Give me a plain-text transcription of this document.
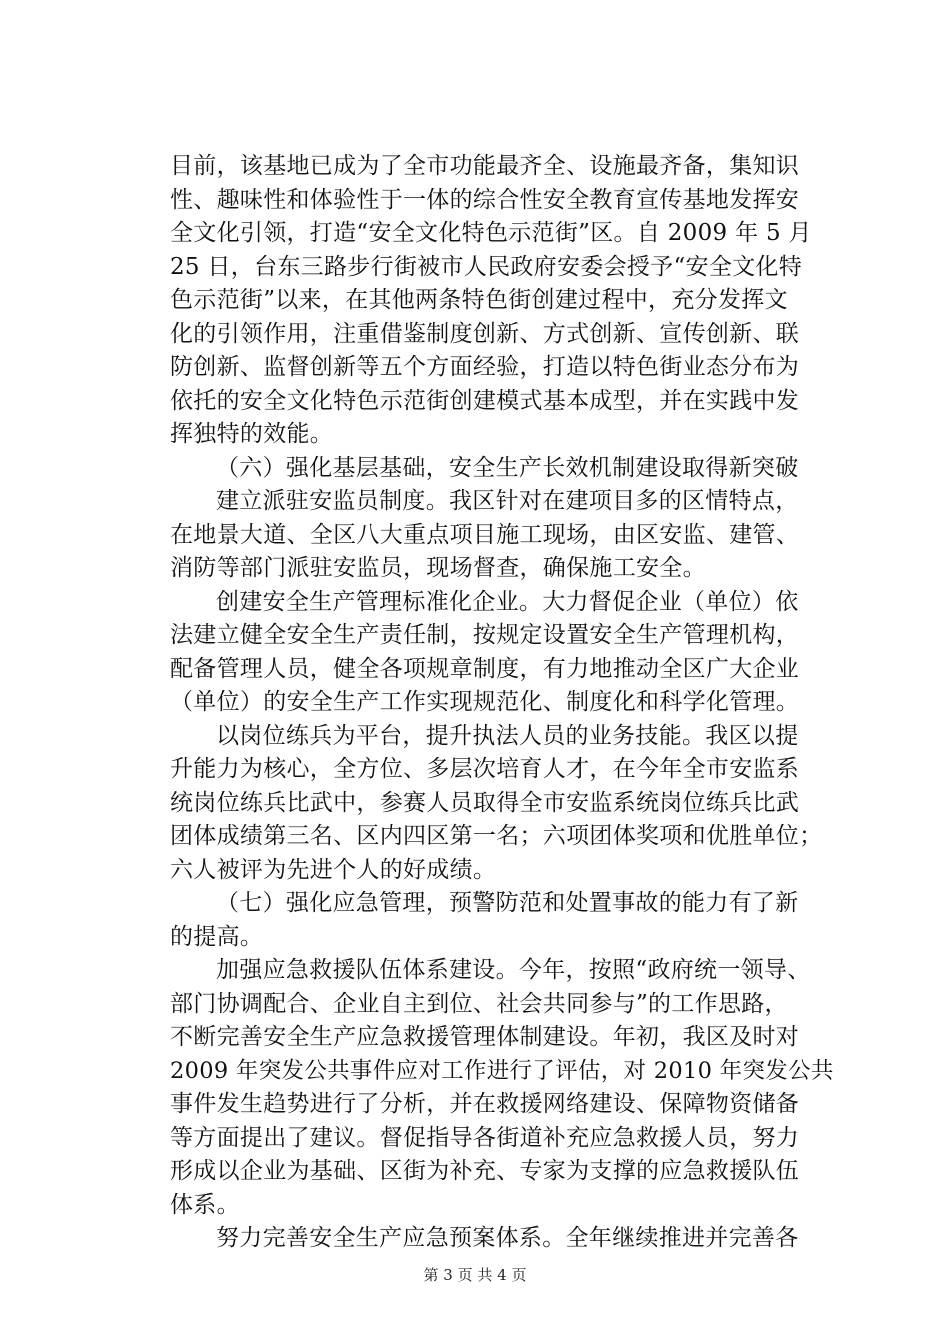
目前，该基地已成为了全市功能最齐全、设施最齐备，集知识
性、趣味性和体验性于一体的综合性安全教育宣传基地发挥安
全文化引领，打造“安全文化特色示范街”区。自 2009 年 5 月
25 日，台东三路步行街被市人民政府安委会授予“安全文化特
色示范街”以来，在其他两条特色街创建过程中，充分发挥文
化的引领作用，注重借鉴制度创新、方式创新、宣传创新、联
防创新、监督创新等五个方面经验，打造以特色街业态分布为
依托的安全文化特色示范街创建模式基本成型，并在实践中发
挥独特的效能。
（六）强化基层基础，安全生产长效机制建设取得新突破
建立派驻安监员制度。我区针对在建项目多的区情特点，
在地景大道、全区八大重点项目施工现场，由区安监、建管、
消防等部门派驻安监员，现场督查，确保施工安全。
创建安全生产管理标准化企业。大力督促企业（单位）依
法建立健全安全生产责任制，按规定设置安全生产管理机构，
配备管理人员，健全各项规章制度，有力地推动全区广大企业
（单位）的安全生产工作实现规范化、制度化和科学化管理。
以岗位练兵为平台，提升执法人员的业务技能。我区以提
升能力为核心，全方位、多层次培育人才，在今年全市安监系
统岗位练兵比武中，参赛人员取得全市安监系统岗位练兵比武
团体成绩第三名、区内四区第一名；六项团体奖项和优胜单位；
六人被评为先进个人的好成绩。
（七）强化应急管理，预警防范和处置事故的能力有了新
的提高。
加强应急救援队伍体系建设。今年，按照“政府统一领导、
部门协调配合、企业自主到位、社会共同参与”的工作思路，
不断完善安全生产应急救援管理体制建设。年初，我区及时对
2009 年突发公共事件应对工作进行了评估，对 2010 年突发公共
事件发生趋势进行了分析，并在救援网络建设、保障物资储备
等方面提出了建议。督促指导各街道补充应急救援人员，努力
形成以企业为基础、区街为补充、专家为支撑的应急救援队伍
体系。
努力完善安全生产应急预案体系。全年继续推进并完善各
第 3 页 共 4 页
